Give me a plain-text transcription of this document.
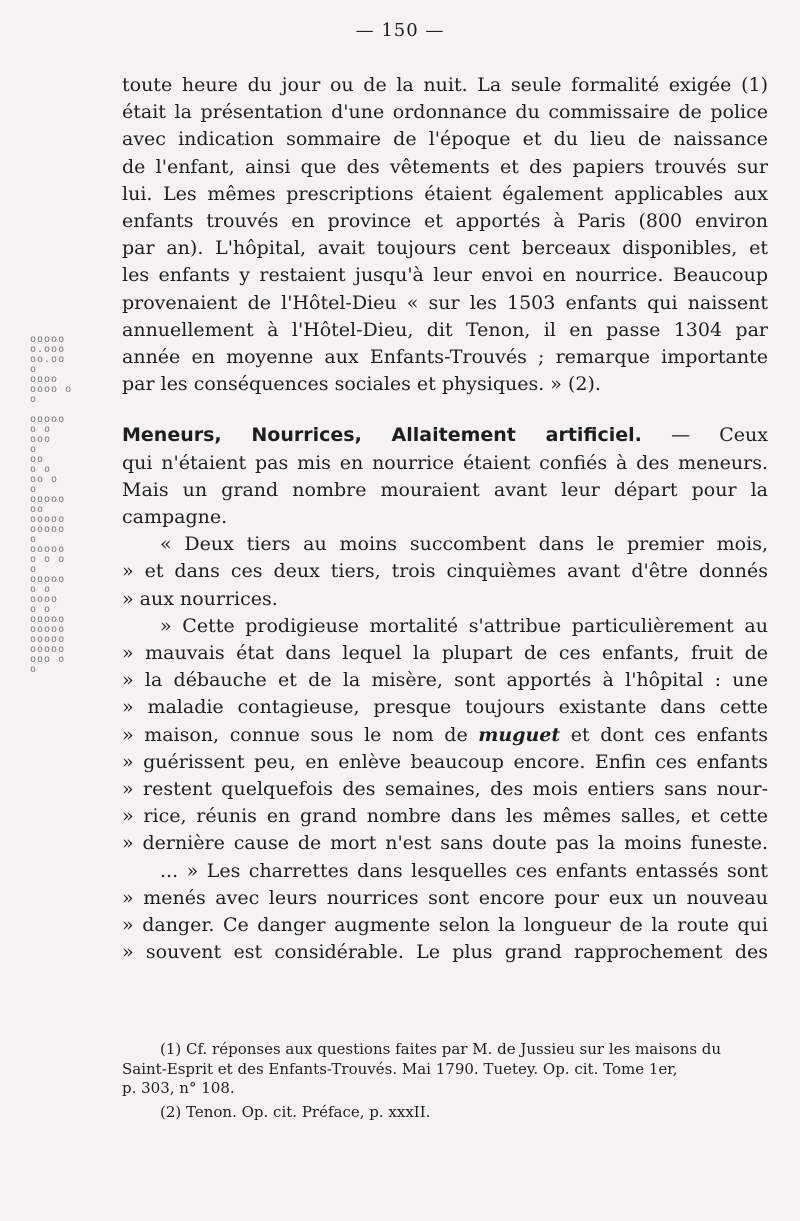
— 150 —
ooooo
o.ooo
oo.oo
o
oooo
oooo o
o

ooooo
o o
ooo
o
oo
o o
oo o
o
ooooo
oo
ooooo
ooooo
o
ooooo
o o o
o
ooooo
o o
oooo
o o
ooooo
ooooo
ooooo
ooooo
ooo o
o
toute heure du jour ou de la nuit. La seule formalité exigée (1)
était la présentation d'une ordonnance du commissaire de police
avec indication sommaire de l'époque et du lieu de naissance
de l'enfant, ainsi que des vêtements et des papiers trouvés sur
lui. Les mêmes prescriptions étaient également applicables aux
enfants trouvés en province et apportés à Paris (800 environ
par an). L'hôpital, avait toujours cent berceaux disponibles, et
les enfants y restaient jusqu'à leur envoi en nourrice. Beaucoup
provenaient de l'Hôtel-Dieu « sur les 1503 enfants qui naissent
annuellement à l'Hôtel-Dieu, dit Tenon, il en passe 1304 par
année en moyenne aux Enfants-Trouvés ; remarque importante
par les conséquences sociales et physiques. » (2).
Meneurs, Nourrices, Allaitement artificiel. — Ceux
qui n'étaient pas mis en nourrice étaient confiés à des meneurs.
Mais un grand nombre mouraient avant leur départ pour la
campagne.
« Deux tiers au moins succombent dans le premier mois,
» et dans ces deux tiers, trois cinquièmes avant d'être donnés
» aux nourrices.
» Cette prodigieuse mortalité s'attribue particulièrement au
» mauvais état dans lequel la plupart de ces enfants, fruit de
» la débauche et de la misère, sont apportés à l'hôpital : une
» maladie contagieuse, presque toujours existante dans cette
» maison, connue sous le nom de muguet et dont ces enfants
» guérissent peu, en enlève beaucoup encore. Enfin ces enfants
» restent quelquefois des semaines, des mois entiers sans nour-
» rice, réunis en grand nombre dans les mêmes salles, et cette
» dernière cause de mort n'est sans doute pas la moins funeste.
... » Les charrettes dans lesquelles ces enfants entassés sont
» menés avec leurs nourrices sont encore pour eux un nouveau
» danger. Ce danger augmente selon la longueur de la route qui
» souvent est considérable. Le plus grand rapprochement des
(1) Cf. réponses aux questions faites par M. de Jussieu sur les maisons du
Saint-Esprit et des Enfants-Trouvés. Mai 1790. Tuetey. Op. cit. Tome 1er,
p. 303, n° 108.
(2) Tenon. Op. cit. Préface, p. xxxII.
